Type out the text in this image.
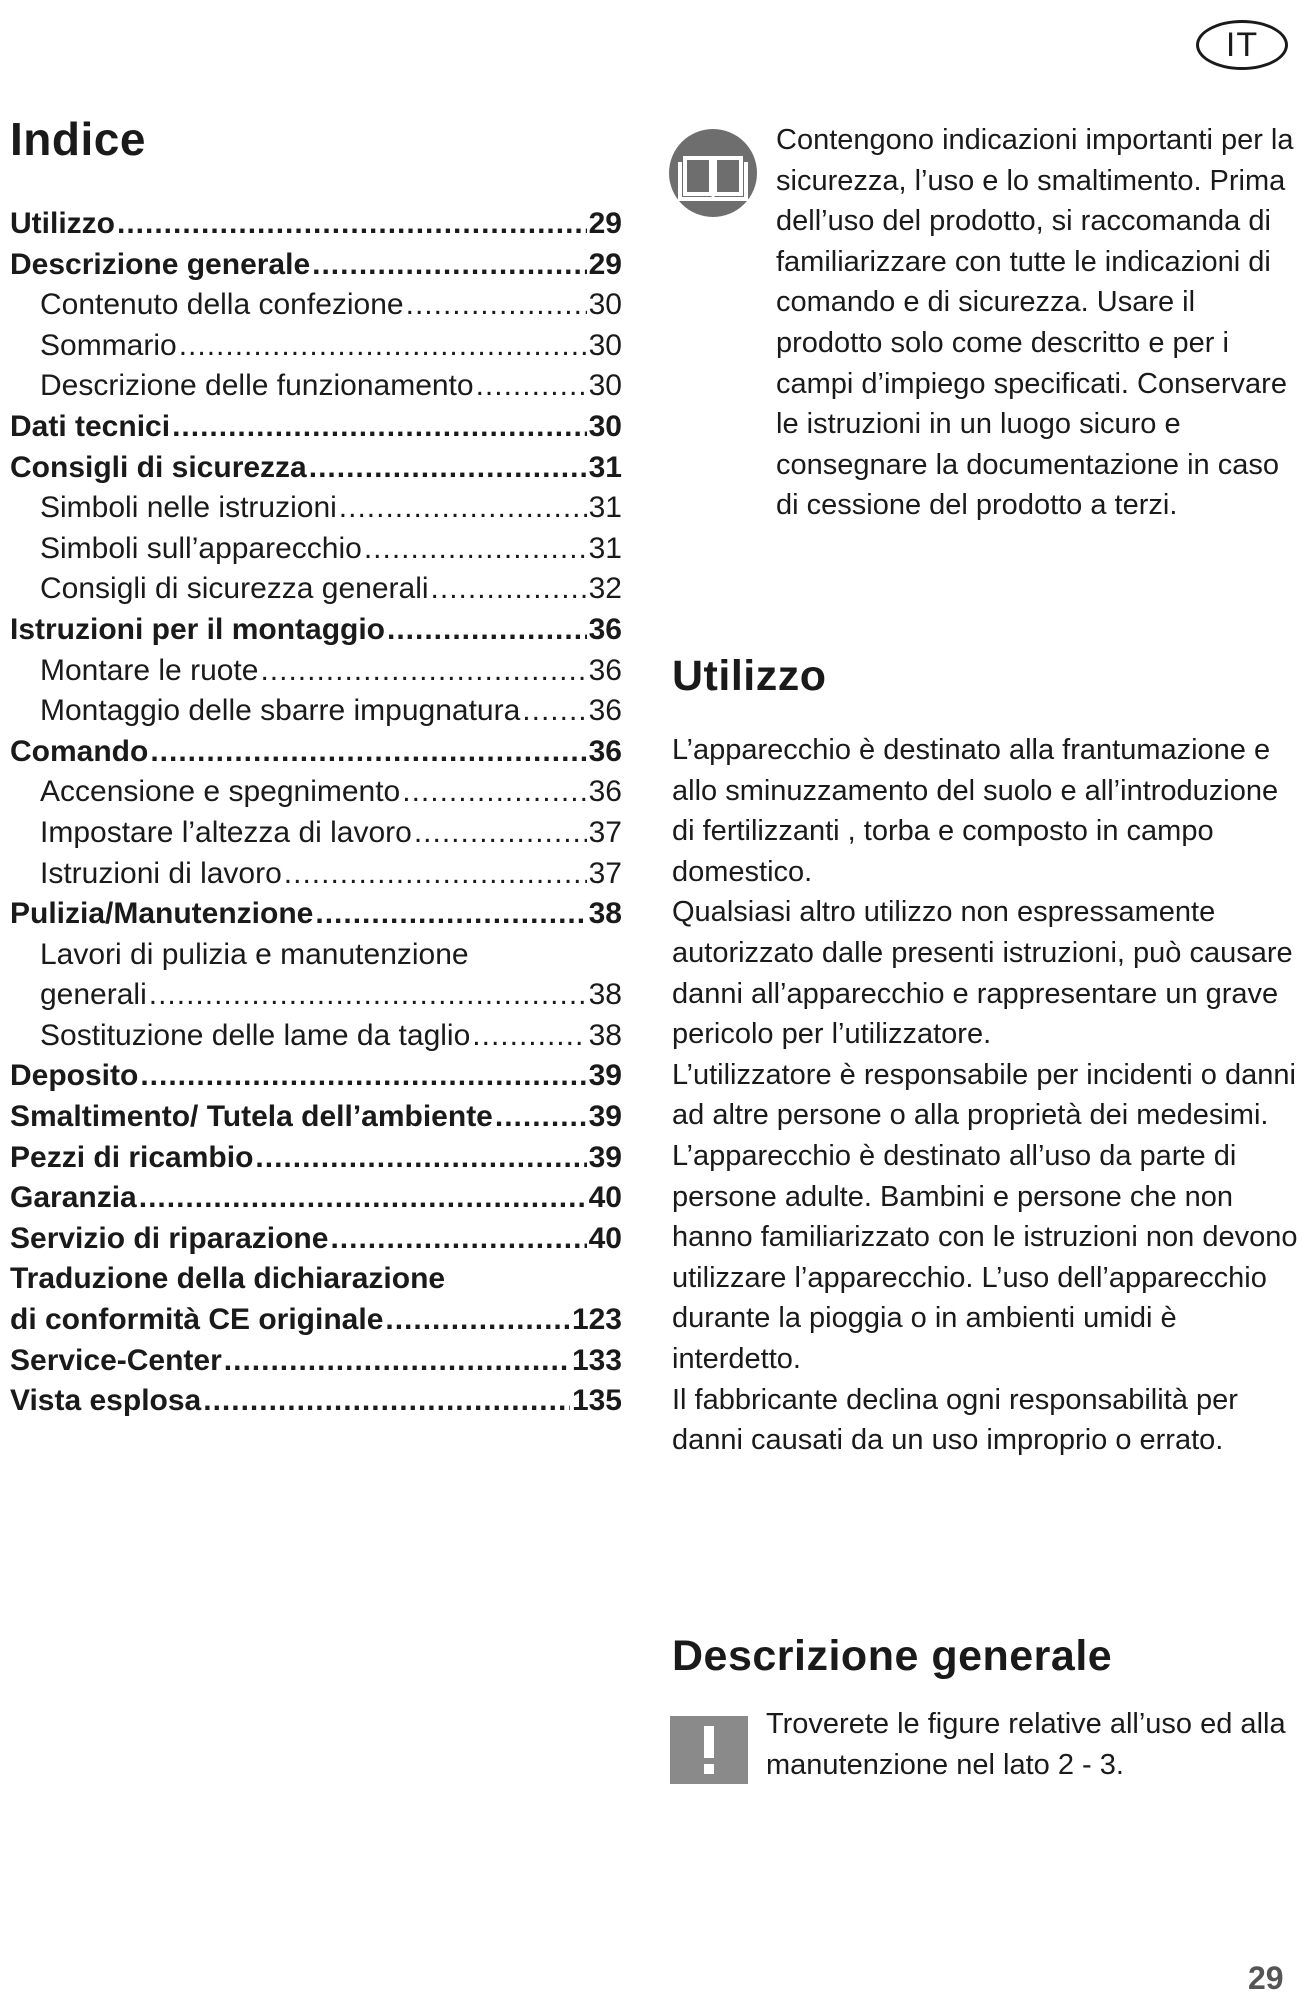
IT
Indice
Utilizzo .....	29
Descrizione generale .....	29
Contenuto della confezione .....	30
Sommario .....	30
Descrizione delle funzionamento .....	30
Dati tecnici .....	30
Consigli di sicurezza .....	31
Simboli nelle istruzioni .....	31
Simboli sull’apparecchio .....	31
Consigli di sicurezza generali .....	32
Istruzioni per il montaggio .....	36
Montare le ruote .....	36
Montaggio delle sbarre impugnatura ..... 36
Comando .....	36
Accensione e spegnimento .....	36
Impostare l’altezza di lavoro .....	37
Istruzioni di lavoro .....	37
Pulizia/Manutenzione .....	38
Lavori di pulizia e manutenzione
generali .....	38
Sostituzione delle lame da taglio .....	38
Deposito .....	39
Smaltimento/ Tutela dell’ambiente .....	39
Pezzi di ricambio .....	39
Garanzia .....	40
Servizio di riparazione .....	40
Traduzione della dichiarazione
di conformità CE originale .....	123
Service-Center .....	133
Vista esplosa .....	135
Contengono indicazioni importanti per la sicurezza, l’uso e lo smaltimento. Prima dell’uso del prodotto, si raccomanda di familiarizzare con tutte le indicazioni di comando e di sicurezza. Usare il prodotto solo come descritto e per i campi d’impiego specificati. Conservare le istruzioni in un luogo sicuro e consegnare la documentazione in caso di cessione del prodotto a terzi.
Utilizzo

L’apparecchio è destinato alla frantumazione e allo sminuzzamento del suolo e all’introduzione di fertilizzanti , torba e composto in campo domestico.

Qualsiasi altro utilizzo non espressamente autorizzato dalle presenti istruzioni, può causare danni all’apparecchio e rappresentare un grave pericolo per l’utilizzatore.

L’utilizzatore è responsabile per incidenti o danni ad altre persone o alla proprietà dei medesimi.

L’apparecchio è destinato all’uso da parte di persone adulte. Bambini e persone che non hanno familiarizzato con le istruzioni non devono utilizzare l’apparecchio. L’uso dell’apparecchio durante la pioggia o in ambienti umidi è interdetto.

Il fabbricante declina ogni responsabilità per danni causati da un uso improprio o errato.

Descrizione generale
Troverete le figure relative all’uso ed alla manutenzione nel lato 2 - 3.
29
